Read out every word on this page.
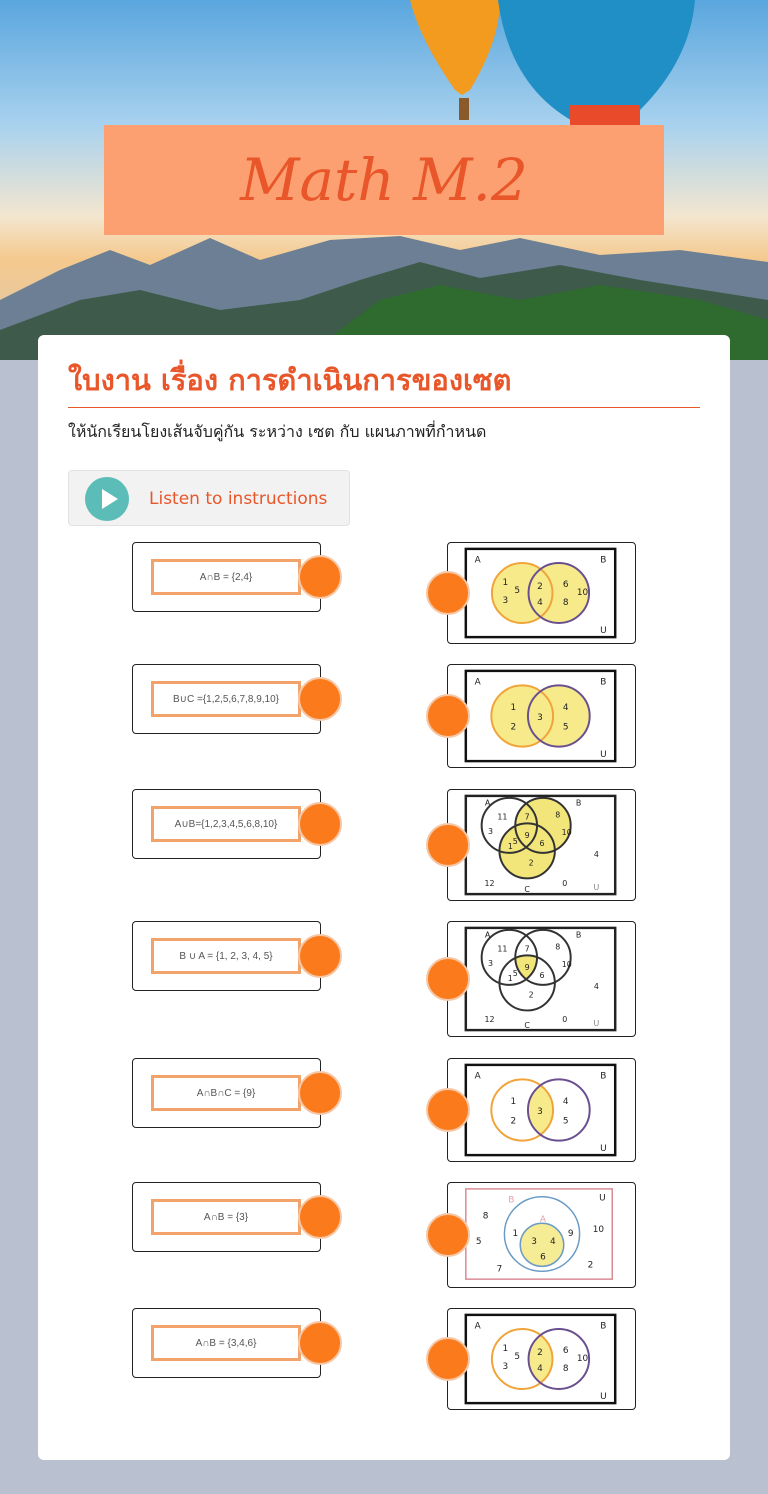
Math M.2
ใบงาน เรื่อง การดำเนินการของเซต
ให้นักเรียนโยงเส้นจับคู่กัน ระหว่าง เซต กับ แผนภาพที่กำหนด
Listen to instructions
A∩B = {2,4}
B∪C ={1,2,5,6,7,8,9,10}
A∪B={1,2,3,4,5,6,8,10}
B ∪ A = {1, 2, 3, 4, 5}
A∩B∩C = {9}
A∩B = {3}
A∩B = {3,4,6}
A	B
U
1
5
3
2
4
6
10
8
A	B
U
1
2
3
4
5
A	B
C	U
11
3
7	8
10
5
9
1	6
2
4
12	0
A	B
C	U
11
3
7	8
10
5
9
1	6
2
4
12	0
A	B
U
1
2
3
4
5
B
A
U
3 4
6
1	9
8
5
7
10
2
A	B
U
1
5
3
2
4
6
10
8
